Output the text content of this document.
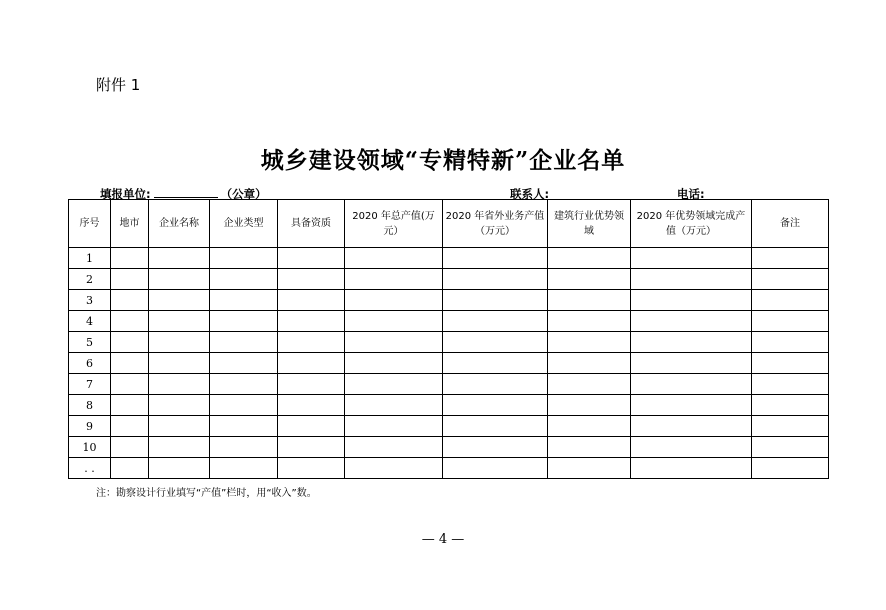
附件 1
城乡建设领域“专精特新”企业名单
填报单位:	（公章）	联系人:	电话:
序号	地市	企业名称	企业类型	具备资质	2020 年总产值(万元）	2020 年省外业务产值（万元）	建筑行业优势领域	2020 年优势领域完成产值（万元）	备注
1									
2									
3									
4									
5									
6									
7									
8									
9									
10									
. .									
注：勘察设计行业填写“产值”栏时，用“收入”数。
— 4 —
